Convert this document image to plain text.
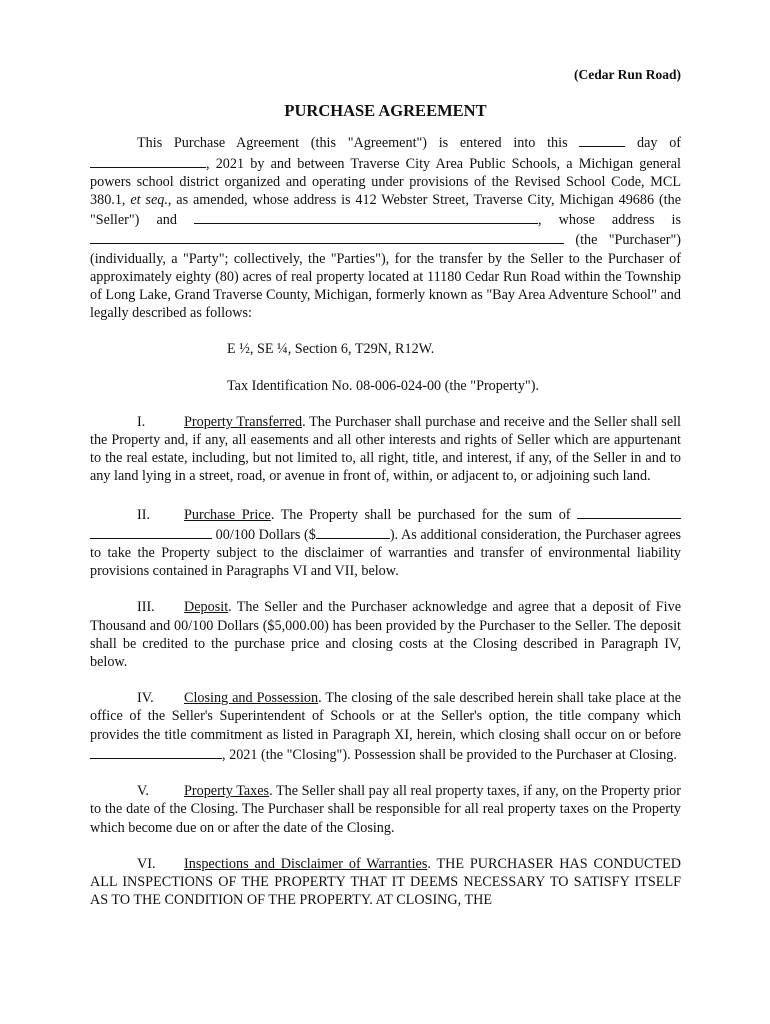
(Cedar Run Road)
PURCHASE AGREEMENT

This Purchase Agreement (this "Agreement") is entered into this	day of , 2021 by and between Traverse City Area Public Schools, a Michigan general powers school district organized and operating under provisions of the Revised School Code, MCL 380.1, et seq., as amended, whose address is 412 Webster Street, Traverse City, Michigan 49686 (the "Seller") and	, whose address is  (the "Purchaser") (individually, a "Party"; collectively, the "Parties"), for the transfer by the Seller to the Purchaser of approximately eighty (80) acres of real property located at 11180 Cedar Run Road within the Township of Long Lake, Grand Traverse County, Michigan, formerly known as "Bay Area Adventure School" and legally described as follows:

E ½, SE ¼, Section 6, T29N, R12W.
Tax Identification No. 08-006-024-00 (the "Property").

I.	Property Transferred. The Purchaser shall purchase and receive and the Seller shall sell the Property and, if any, all easements and all other interests and rights of Seller which are appurtenant to the real estate, including, but not limited to, all right, title, and interest, if any, of the Seller in and to any land lying in a street, road, or avenue in front of, within, or adjacent to, or adjoining such land.

II. Purchase Price. The Property shall be purchased for the sum of   00/100 Dollars ($	). As additional consideration, the Purchaser agrees to take the Property subject to the disclaimer of warranties and transfer of environmental liability provisions contained in Paragraphs VI and VII, below.

III. Deposit. The Seller and the Purchaser acknowledge and agree that a deposit of Five Thousand and 00/100 Dollars ($5,000.00) has been provided by the Purchaser to the Seller. The deposit shall be credited to the purchase price and closing costs at the Closing described in Paragraph IV, below.

IV. Closing and Possession. The closing of the sale described herein shall take place at the office of the Seller's Superintendent of Schools or at the Seller's option, the title company which provides the title commitment as listed in Paragraph XI, herein, which closing shall occur on or before , 2021 (the "Closing"). Possession shall be provided to the Purchaser at Closing.

V. Property Taxes. The Seller shall pay all real property taxes, if any, on the Property prior to the date of the Closing. The Purchaser shall be responsible for all real property taxes on the Property which become due on or after the date of the Closing.

VI. Inspections and Disclaimer of Warranties. THE PURCHASER HAS CONDUCTED ALL INSPECTIONS OF THE PROPERTY THAT IT DEEMS NECESSARY TO SATISFY ITSELF AS TO THE CONDITION OF THE PROPERTY. AT CLOSING, THE
